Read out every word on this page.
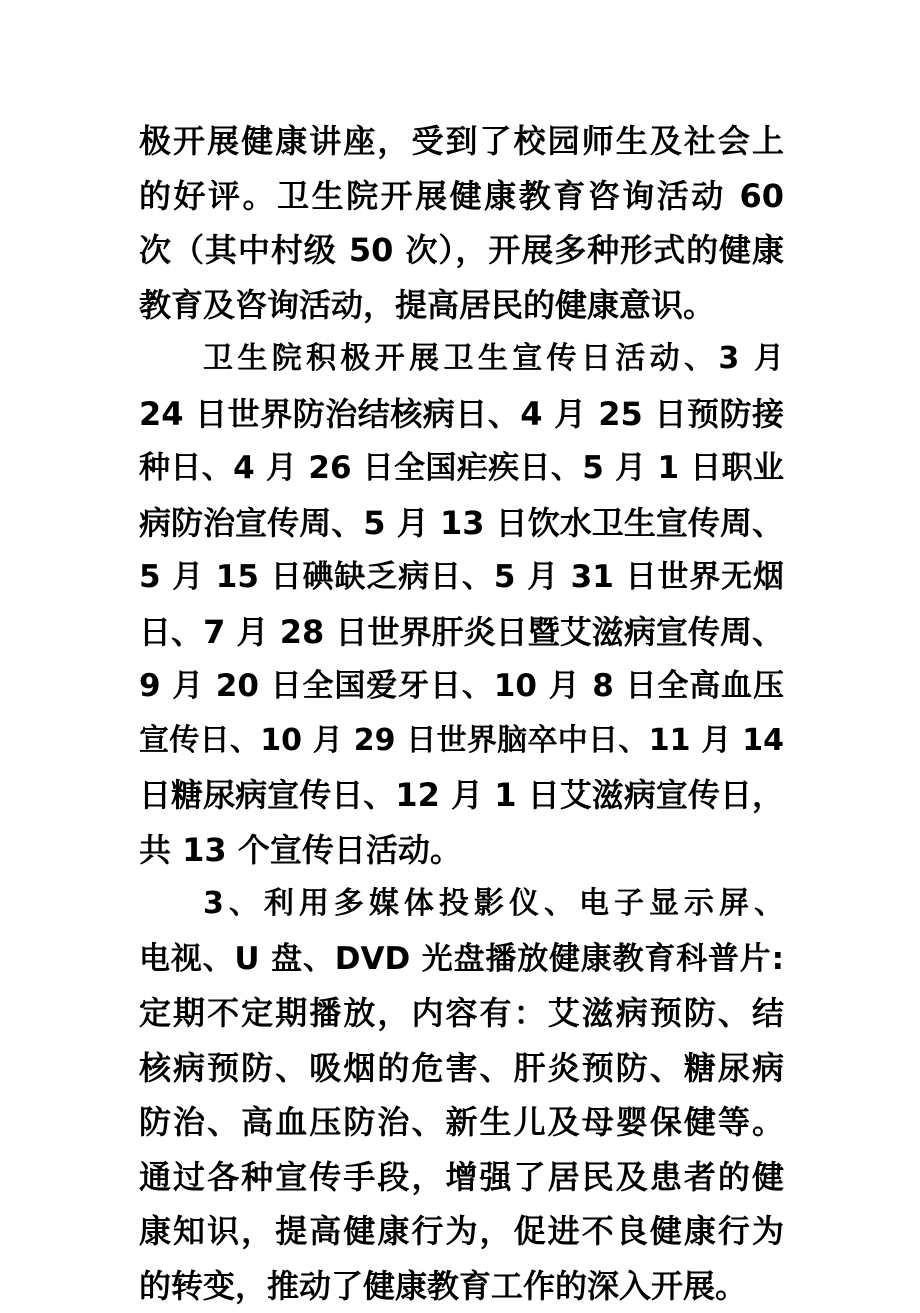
极开展健康讲座，受到了校园师生及社会上
的好评。卫生院开展健康教育咨询活动 60
次（其中村级 50 次），开展多种形式的健康
教育及咨询活动，提高居民的健康意识。
卫生院积极开展卫生宣传日活动、3 月
24 日世界防治结核病日、4 月 25 日预防接
种日、4 月 26 日全国疟疾日、5 月 1 日职业
病防治宣传周、5 月 13 日饮水卫生宣传周、
5 月 15 日碘缺乏病日、5 月 31 日世界无烟
日、7 月 28 日世界肝炎日暨艾滋病宣传周、
9 月 20 日全国爱牙日、10 月 8 日全高血压
宣传日、10 月 29 日世界脑卒中日、11 月 14
日糖尿病宣传日、12 月 1 日艾滋病宣传日，
共 13 个宣传日活动。
3、利用多媒体投影仪、电子显示屏、
电视、U 盘、DVD 光盘播放健康教育科普片:
定期不定期播放，内容有：艾滋病预防、结
核病预防、吸烟的危害、肝炎预防、糖尿病
防治、高血压防治、新生儿及母婴保健等。
通过各种宣传手段，增强了居民及患者的健
康知识，提高健康行为，促进不良健康行为
的转变，推动了健康教育工作的深入开展。
